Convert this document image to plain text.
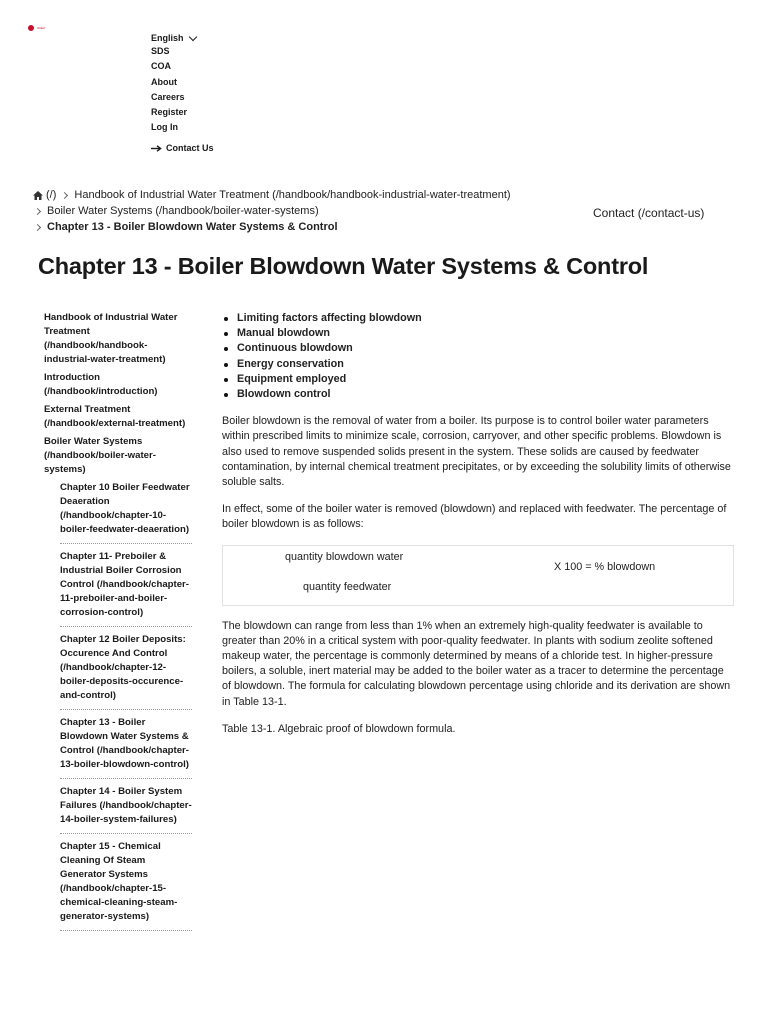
SUEZ
English
SDS
COA
About
Careers
Register
Log In
Contact Us
(/) Handbook of Industrial Water Treatment (/handbook/handbook-industrial-water-treatment)
Boiler Water Systems (/handbook/boiler-water-systems)
Chapter 13 - Boiler Blowdown Water Systems & Control
Contact (/contact-us)
Chapter 13 - Boiler Blowdown Water Systems & Control
Handbook of Industrial Water Treatment (/handbook/handbook-industrial-water-treatment)
Introduction (/handbook/introduction)
External Treatment (/handbook/external-treatment)
Boiler Water Systems (/handbook/boiler-water-systems)
Chapter 10 Boiler Feedwater Deaeration (/handbook/chapter-10-boiler-feedwater-deaeration)
Chapter 11- Preboiler & Industrial Boiler Corrosion Control (/handbook/chapter-11-preboiler-and-boiler-corrosion-control)
Chapter 12 Boiler Deposits: Occurence And Control (/handbook/chapter-12-boiler-deposits-occurence-and-control)
Chapter 13 - Boiler Blowdown Water Systems & Control (/handbook/chapter-13-boiler-blowdown-control)
Chapter 14 - Boiler System Failures (/handbook/chapter-14-boiler-system-failures)
Chapter 15 - Chemical Cleaning Of Steam Generator Systems (/handbook/chapter-15-chemical-cleaning-steam-generator-systems)
Limiting factors affecting blowdown
Manual blowdown
Continuous blowdown
Energy conservation
Equipment employed
Blowdown control

Boiler blowdown is the removal of water from a boiler. Its purpose is to control boiler water parameters within prescribed limits to minimize scale, corrosion, carryover, and other specific problems. Blowdown is also used to remove suspended solids present in the system. These solids are caused by feedwater contamination, by internal chemical treatment precipitates, or by exceeding the solubility limits of otherwise soluble salts.

In effect, some of the boiler water is removed (blowdown) and replaced with feedwater. The percentage of boiler blowdown is as follows:

quantity blowdown water
quantity feedwater
X 100 = % blowdown

The blowdown can range from less than 1% when an extremely high-quality feedwater is available to greater than 20% in a critical system with poor-quality feedwater. In plants with sodium zeolite softened makeup water, the percentage is commonly determined by means of a chloride test. In higher-pressure boilers, a soluble, inert material may be added to the boiler water as a tracer to determine the percentage of blowdown. The formula for calculating blowdown percentage using chloride and its derivation are shown in Table 13-1.

Table 13-1. Algebraic proof of blowdown formula.
